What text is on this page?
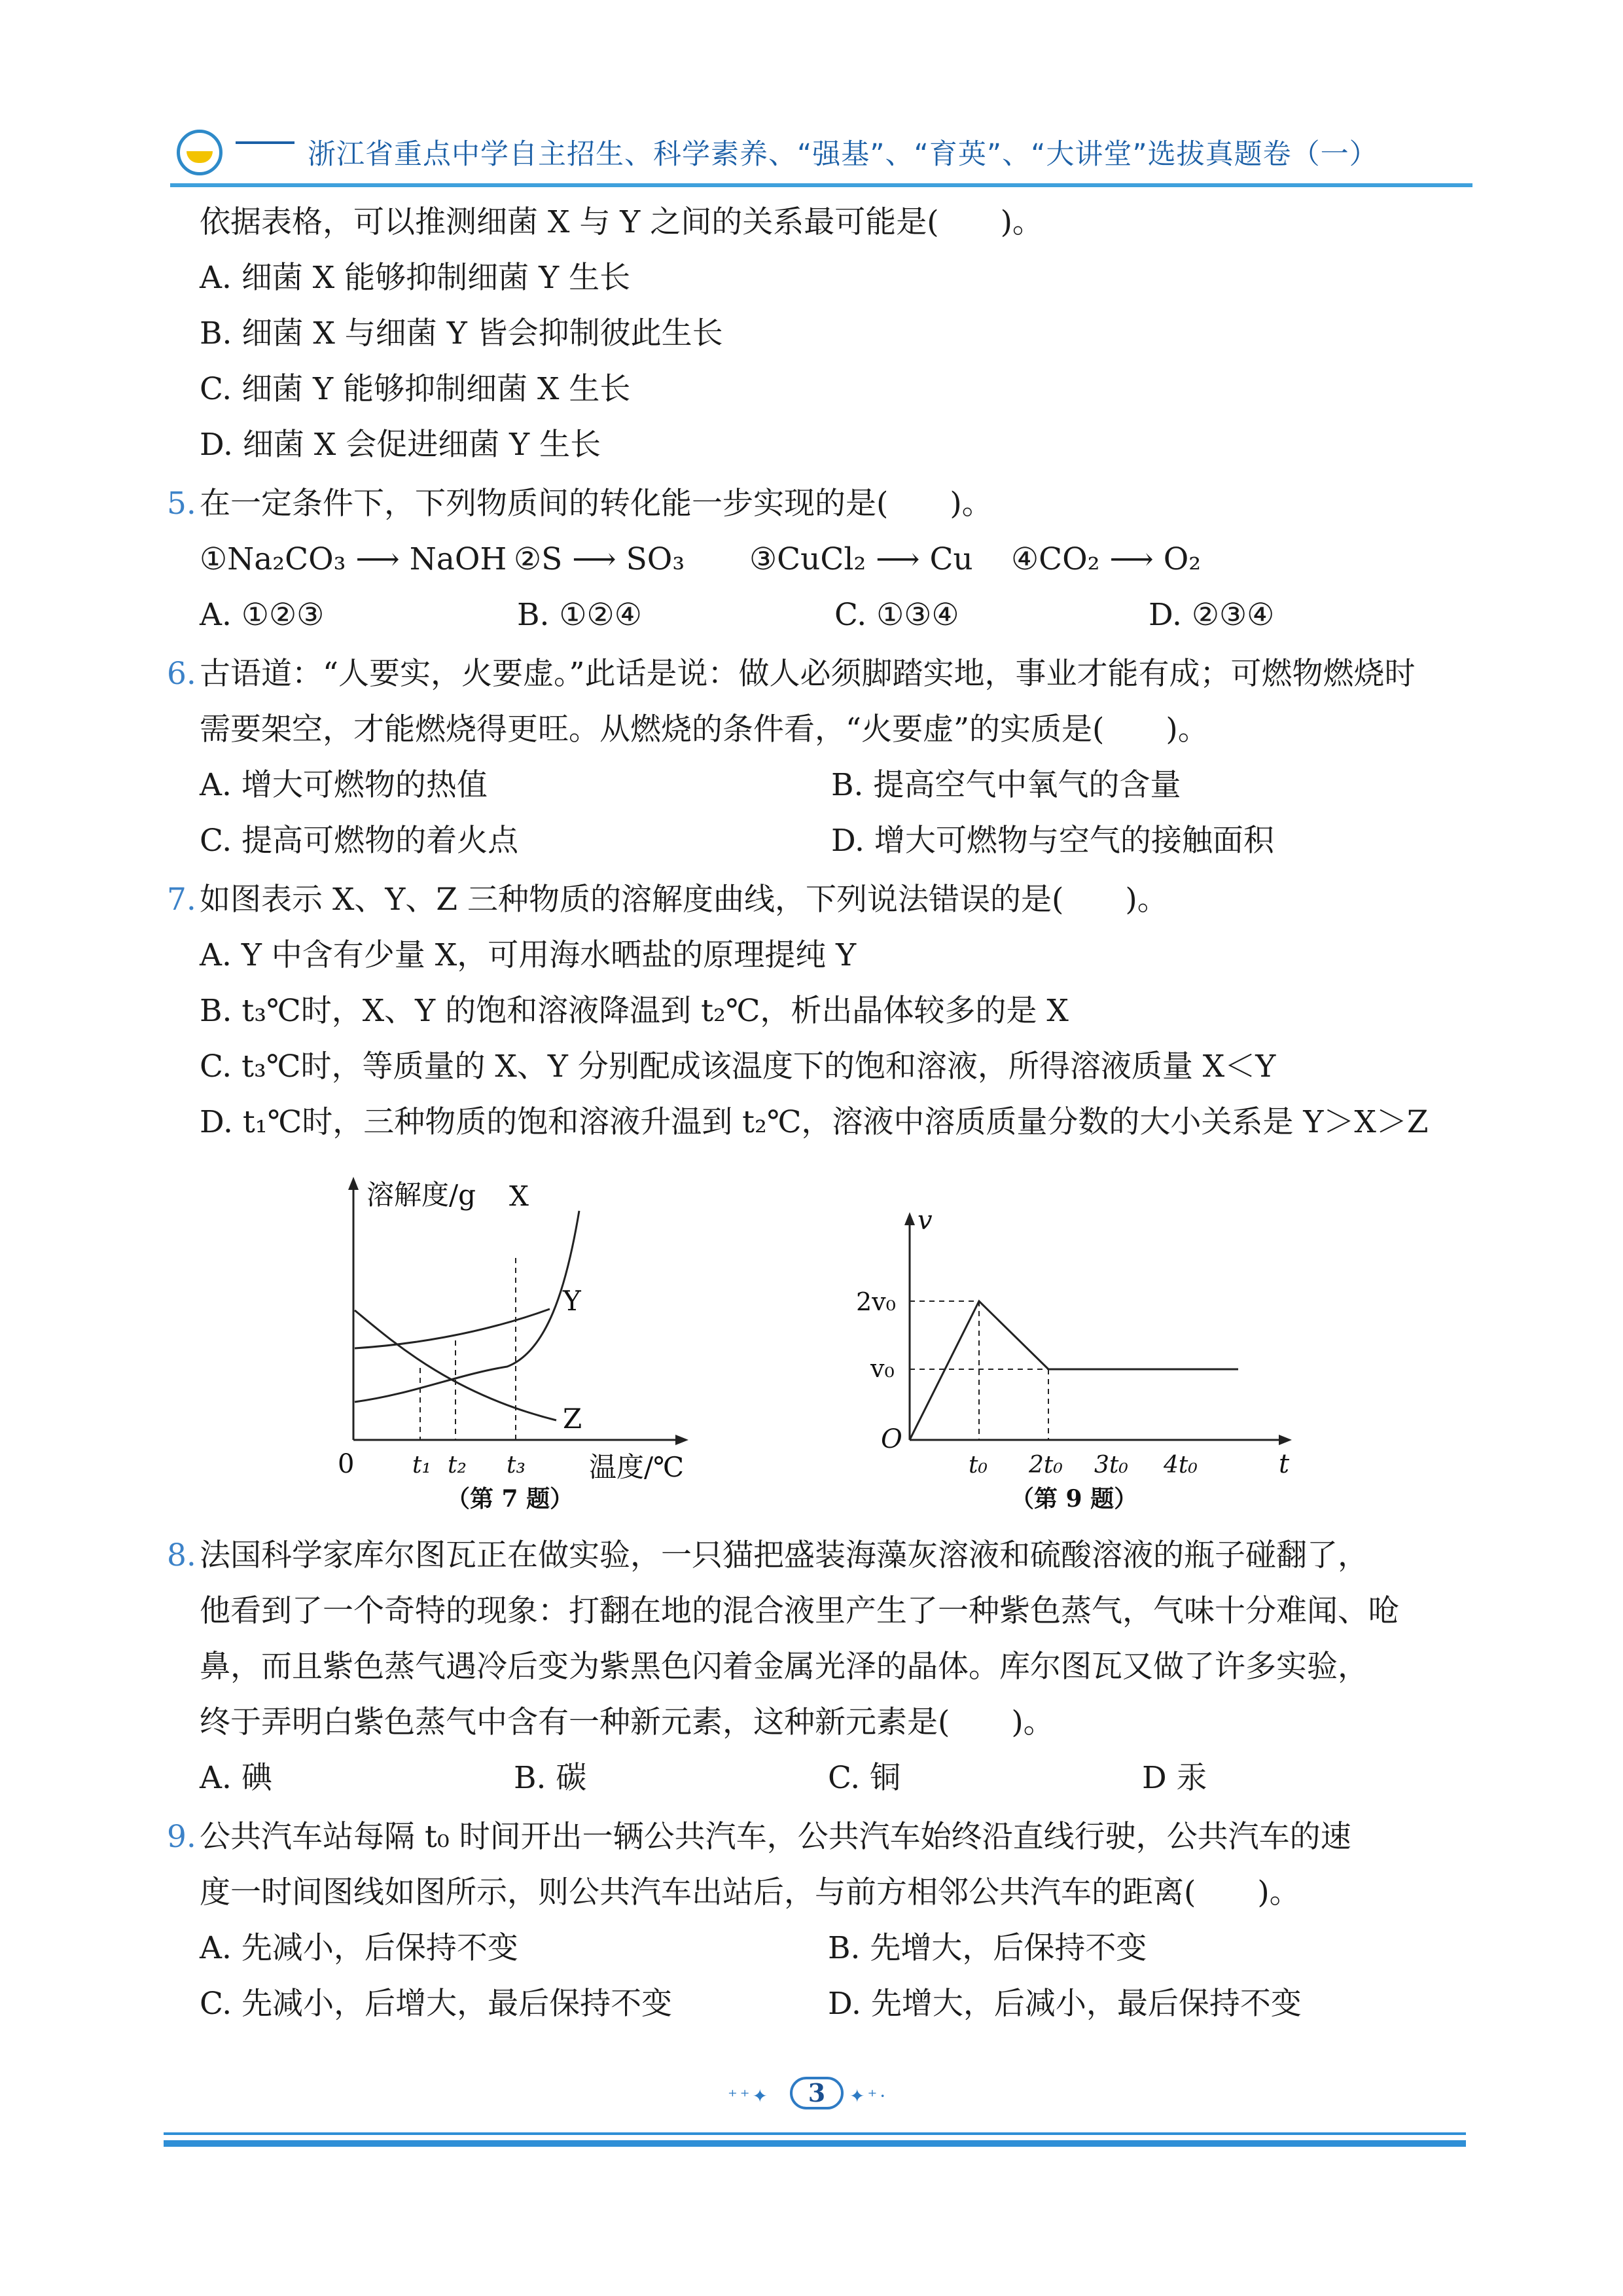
浙江省重点中学自主招生、科学素养、“强基”、“育英”、“大讲堂”选拔真题卷（一）
依据表格，可以推测细菌 X 与 Y 之间的关系最可能是(　　)。
A. 细菌 X 能够抑制细菌 Y 生长
B. 细菌 X 与细菌 Y 皆会抑制彼此生长
C. 细菌 Y 能够抑制细菌 X 生长
D. 细菌 X 会促进细菌 Y 生长
5. 在一定条件下，下列物质间的转化能一步实现的是(　　)。
①Na₂CO₃ ⟶ NaOH ②S ⟶ SO₃ ③CuCl₂ ⟶ Cu ④CO₂ ⟶ O₂
A. ①②③	B. ①②④	C. ①③④	D. ②③④
6. 古语道：“人要实，火要虚。”此话是说：做人必须脚踏实地，事业才能有成；可燃物燃烧时
需要架空，才能燃烧得更旺。从燃烧的条件看，“火要虚”的实质是(　　)。
A. 增大可燃物的热值	B. 提高空气中氧气的含量
C. 提高可燃物的着火点	D. 增大可燃物与空气的接触面积
7. 如图表示 X、Y、Z 三种物质的溶解度曲线，下列说法错误的是(　　)。
A. Y 中含有少量 X，可用海水晒盐的原理提纯 Y
B. t₃℃时，X、Y 的饱和溶液降温到 t₂℃，析出晶体较多的是 X
C. t₃℃时，等质量的 X、Y 分别配成该温度下的饱和溶液，所得溶液质量 X＜Y
D. t₁℃时，三种物质的饱和溶液升温到 t₂℃，溶液中溶质质量分数的大小关系是 Y＞X＞Z
溶解度/g X
Y
Z
0 t₁ t₂ t₃ 温度/℃
（第 7 题）
v
2v₀
v₀
O
t₀ 2t₀ 3t₀ 4t₀	t
（第 9 题）
8. 法国科学家库尔图瓦正在做实验，一只猫把盛装海藻灰溶液和硫酸溶液的瓶子碰翻了，
他看到了一个奇特的现象：打翻在地的混合液里产生了一种紫色蒸气，气味十分难闻、呛
鼻，而且紫色蒸气遇冷后变为紫黑色闪着金属光泽的晶体。库尔图瓦又做了许多实验，
终于弄明白紫色蒸气中含有一种新元素，这种新元素是(　　)。
A. 碘	B. 碳	C. 铜	D 汞
9. 公共汽车站每隔 t₀ 时间开出一辆公共汽车，公共汽车始终沿直线行驶，公共汽车的速
度一时间图线如图所示，则公共汽车出站后，与前方相邻公共汽车的距离(　　)。
A. 先减小，后保持不变	B. 先增大，后保持不变
C. 先减小，后增大，最后保持不变	D. 先增大，后减小，最后保持不变
⁺⁺✦	3	✦⁺·
